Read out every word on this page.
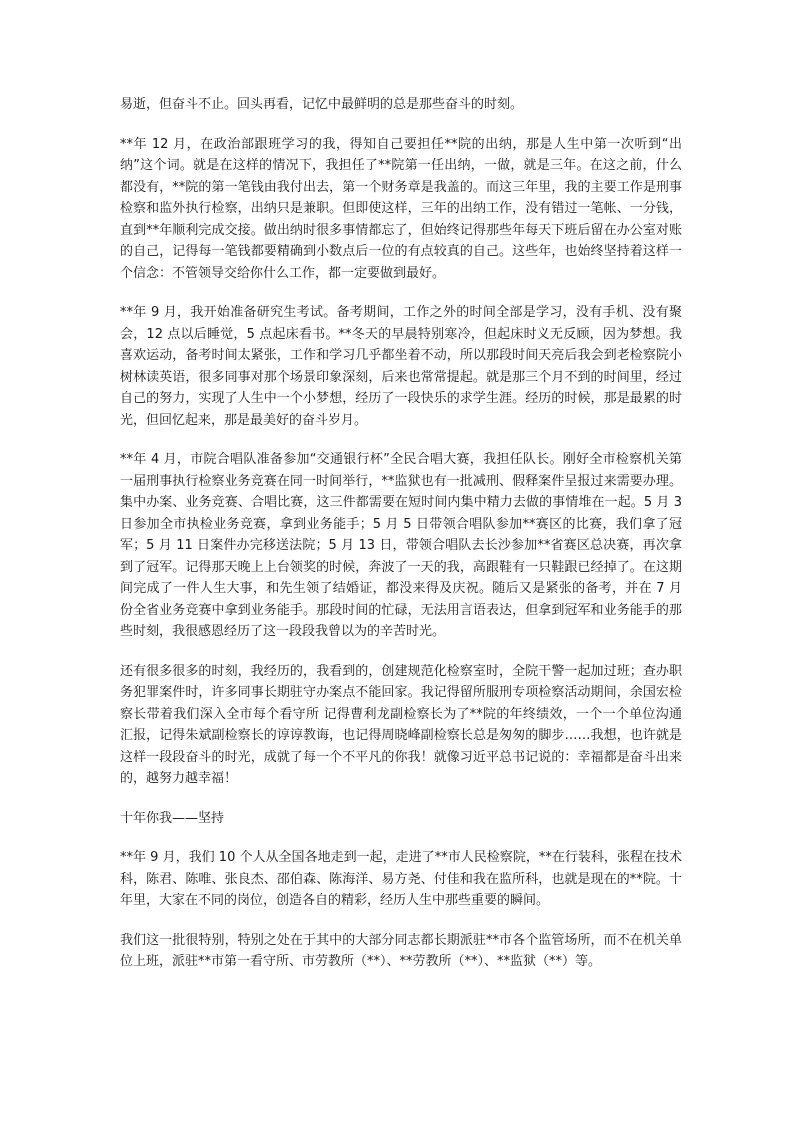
易逝，但奋斗不止。回头再看，记忆中最鲜明的总是那些奋斗的时刻。

**年 12 月，在政治部跟班学习的我，得知自己要担任**院的出纳，那是人生中第一次听到“出纳”这个词。就是在这样的情况下，我担任了**院第一任出纳，一做，就是三年。在这之前，什么都没有，**院的第一笔钱由我付出去，第一个财务章是我盖的。而这三年里，我的主要工作是刑事检察和监外执行检察，出纳只是兼职。但即使这样，三年的出纳工作，没有错过一笔帐、一分钱，直到**年顺利完成交接。做出纳时很多事情都忘了，但始终记得那些年每天下班后留在办公室对账的自己，记得每一笔钱都要精确到小数点后一位的有点较真的自己。这些年，也始终坚持着这样一个信念：不管领导交给你什么工作，都一定要做到最好。

**年 9 月，我开始准备研究生考试。备考期间，工作之外的时间全部是学习，没有手机、没有聚会，12 点以后睡觉，5 点起床看书。**冬天的早晨特别寒冷，但起床时义无反顾，因为梦想。我喜欢运动，备考时间太紧张，工作和学习几乎都坐着不动，所以那段时间天亮后我会到老检察院小树林读英语，很多同事对那个场景印象深刻，后来也常常提起。就是那三个月不到的时间里，经过自己的努力，实现了人生中一个小梦想，经历了一段快乐的求学生涯。经历的时候，那是最累的时光，但回忆起来，那是最美好的奋斗岁月。

**年 4 月，市院合唱队准备参加“交通银行杯”全民合唱大赛，我担任队长。刚好全市检察机关第一届刑事执行检察业务竞赛在同一时间举行，**监狱也有一批减刑、假释案件呈报过来需要办理。集中办案、业务竞赛、合唱比赛，这三件都需要在短时间内集中精力去做的事情堆在一起。5 月 3 日参加全市执检业务竞赛，拿到业务能手；5 月 5 日带领合唱队参加**赛区的比赛，我们拿了冠军；5 月 11 日案件办完移送法院；5 月 13 日，带领合唱队去长沙参加**省赛区总决赛，再次拿到了冠军。记得那天晚上上台领奖的时候，奔波了一天的我，高跟鞋有一只鞋跟已经掉了。在这期间完成了一件人生大事，和先生领了结婚证，都没来得及庆祝。随后又是紧张的备考，并在 7 月份全省业务竞赛中拿到业务能手。那段时间的忙碌，无法用言语表达，但拿到冠军和业务能手的那些时刻，我很感恩经历了这一段段我曾以为的辛苦时光。

还有很多很多的时刻，我经历的，我看到的，创建规范化检察室时，全院干警一起加过班；查办职务犯罪案件时，许多同事长期驻守办案点不能回家。我记得留所服刑专项检察活动期间，余国宏检察长带着我们深入全市每个看守所 记得曹利龙副检察长为了**院的年终绩效，一个一个单位沟通汇报，记得朱斌副检察长的谆谆教诲，也记得周晓峰副检察长总是匆匆的脚步……我想，也许就是这样一段段奋斗的时光，成就了每一个不平凡的你我！就像习近平总书记说的：幸福都是奋斗出来的，越努力越幸福！

十年你我——坚持

**年 9 月，我们 10 个人从全国各地走到一起，走进了**市人民检察院，**在行装科，张程在技术科，陈君、陈唯、张良杰、邵伯森、陈海洋、易方尧、付佳和我在监所科，也就是现在的**院。十年里，大家在不同的岗位，创造各自的精彩，经历人生中那些重要的瞬间。

我们这一批很特别，特别之处在于其中的大部分同志都长期派驻**市各个监管场所，而不在机关单位上班，派驻**市第一看守所、市劳教所（**）、**劳教所（**）、**监狱（**）等。
